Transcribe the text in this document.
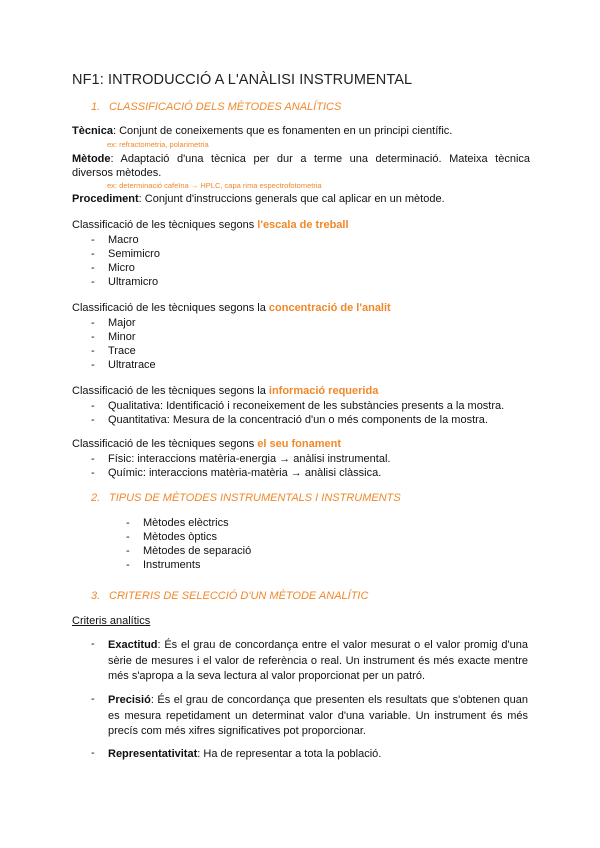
NF1: INTRODUCCIÓ A L'ANÀLISI INSTRUMENTAL
1. CLASSIFICACIÓ DELS MÈTODES ANALÍTICS
Tècnica: Conjunt de coneixements que es fonamenten en un principi científic.
ex: refractometria, polarimetria
Mètode: Adaptació d'una tècnica per dur a terme una determinació. Mateixa tècnica
diversos mètodes.
ex: determinació cafeïna → HPLC, capa rima espectrofotometria
Procediment: Conjunt d'instruccions generals que cal aplicar en un mètode.
Classificació de les tècniques segons l'escala de treball
- Macro
- Semimicro
- Micro
- Ultramicro
Classificació de les tècniques segons la concentració de l'analit
- Major
- Minor
- Trace
- Ultratrace
Classificació de les tècniques segons la informació requerida
- Qualitativa: Identificació i reconeixement de les substàncies presents a la mostra.
- Quantitativa: Mesura de la concentració d'un o més components de la mostra.
Classificació de les tècniques segons el seu fonament
- Físic: interaccions matèria-energia → anàlisi instrumental.
- Químic: interaccions matèria-matèria → anàlisi clàssica.
2. TIPUS DE MÈTODES INSTRUMENTALS I INSTRUMENTS
- Mètodes elèctrics
- Mètodes òptics
- Mètodes de separació
- Instruments
3. CRITERIS DE SELECCIÓ D'UN MÈTODE ANALÍTIC
Criteris analítics
- Exactitud: És el grau de concordança entre el valor mesurat o el valor promig d'una sèrie de mesures i el valor de referència o real. Un instrument és més exacte mentre més s'apropa a la seva lectura al valor proporcionat per un patró.
- Precisió: És el grau de concordança que presenten els resultats que s'obtenen quan es mesura repetidament un determinat valor d'una variable. Un instrument és més precís com més xifres significatives pot proporcionar.
- Representativitat: Ha de representar a tota la població.
